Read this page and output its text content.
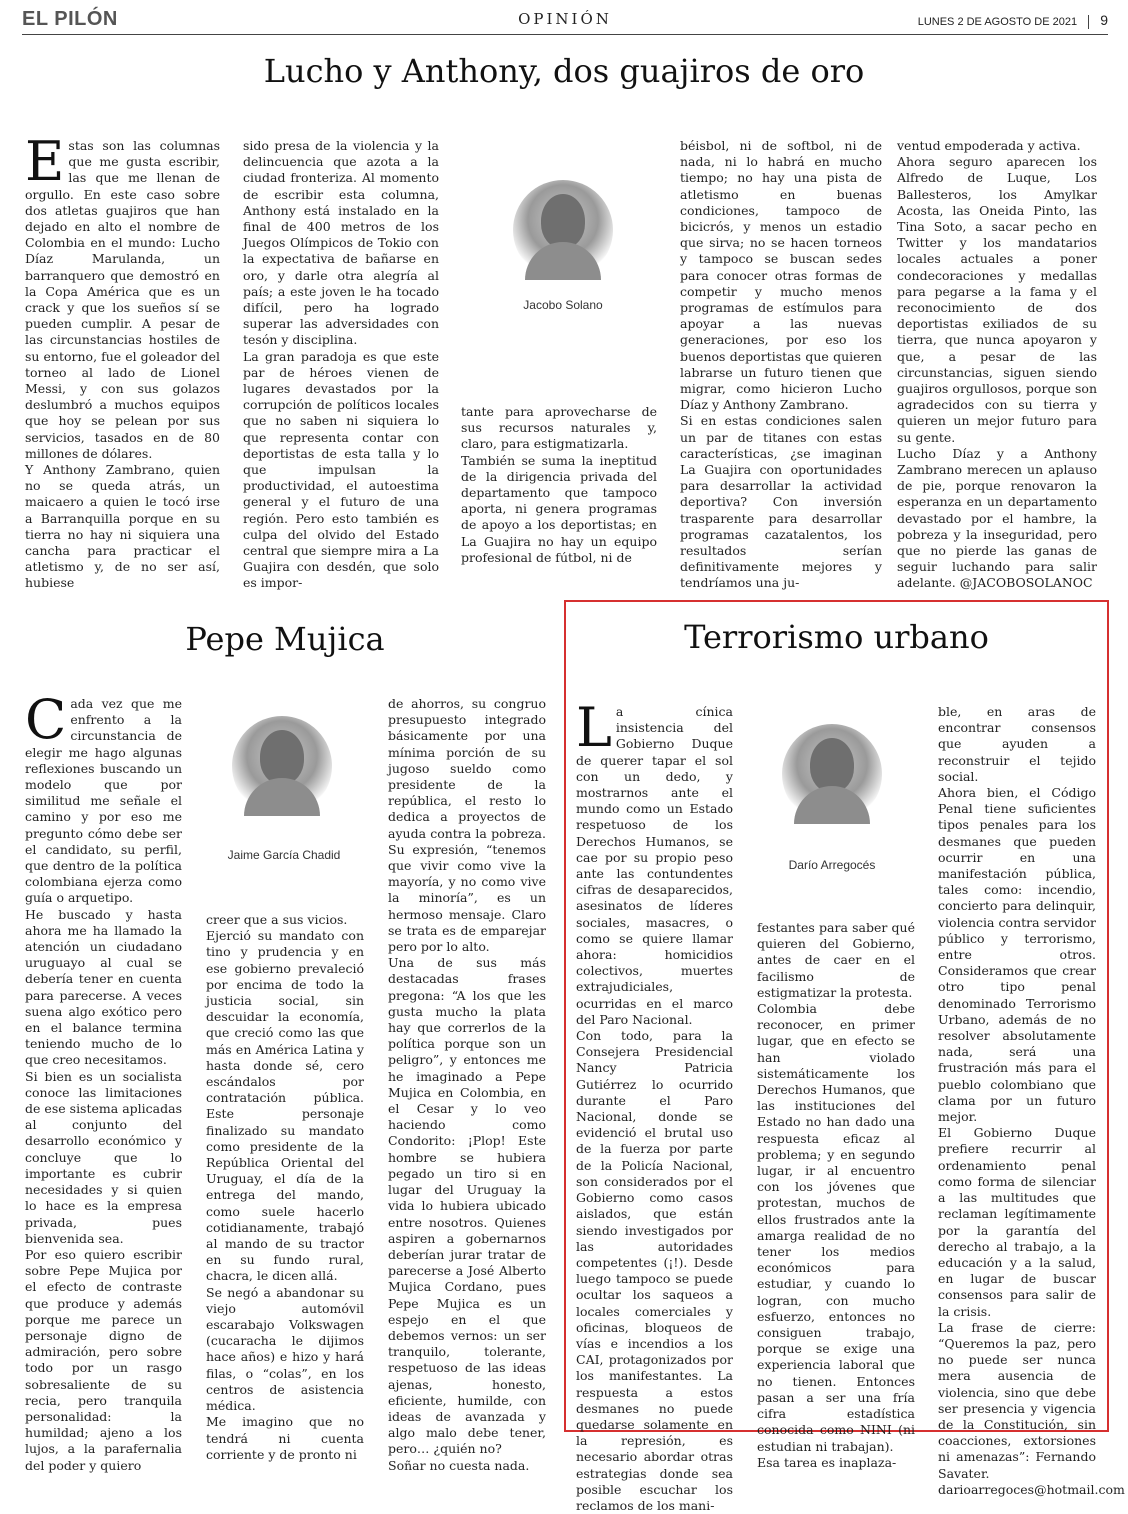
EL PILÓN	OPINIÓN	LUNES 2 DE AGOSTO DE 2021 9
Lucho y Anthony, dos guajiros de oro
Estas son las columnas que me gusta escribir, las que me llenan de orgullo. En este caso sobre dos atletas guajiros que han dejado en alto el nombre de Colombia en el mundo: Lucho Díaz Marulanda, un barranquero que demostró en la Copa América que es un crack y que los sueños sí se pueden cumplir. A pesar de las circunstancias hostiles de su entorno, fue el goleador del torneo al lado de Lionel Messi, y con sus golazos deslumbró a muchos equipos que hoy se pelean por sus servicios, tasados en de 80 millones de dólares.
Y Anthony Zambrano, quien no se queda atrás, un maicaero a quien le tocó irse a Barranquilla porque en su tierra no hay ni siquiera una cancha para practicar el atletismo y, de no ser así, hubiese
sido presa de la violencia y la delincuencia que azota a la ciudad fronteriza. Al momento de escribir esta columna, Anthony está instalado en la final de 400 metros de los Juegos Olímpicos de Tokio con la expectativa de bañarse en oro, y darle otra alegría al país; a este joven le ha tocado difícil, pero ha logrado superar las adversidades con tesón y disciplina.
La gran paradoja es que este par de héroes vienen de lugares devastados por la corrupción de políticos locales que no saben ni siquiera lo que representa contar con deportistas de esta talla y lo que impulsan la productividad, el autoestima general y el futuro de una región. Pero esto también es culpa del olvido del Estado central que siempre mira a La Guajira con desdén, que solo es impor-
Jacobo Solano
tante para aprovecharse de sus recursos naturales y, claro, para estigmatizarla.
También se suma la ineptitud de la dirigencia privada del departamento que tampoco aporta, ni genera programas de apoyo a los deportistas; en La Guajira no hay un equipo profesional de fútbol, ni de
béisbol, ni de softbol, ni de nada, ni lo habrá en mucho tiempo; no hay una pista de atletismo en buenas condiciones, tampoco de bicicrós, y menos un estadio que sirva; no se hacen torneos y tampoco se buscan sedes para conocer otras formas de competir y mucho menos programas de estímulos para apoyar a las nuevas generaciones, por eso los buenos deportistas que quieren labrarse un futuro tienen que migrar, como hicieron Lucho Díaz y Anthony Zambrano.
Si en estas condiciones salen un par de titanes con estas características, ¿se imaginan La Guajira con oportunidades para desarrollar la actividad deportiva? Con inversión trasparente para desarrollar programas cazatalentos, los resultados serían definitivamente mejores y tendríamos una ju-
ventud empoderada y activa.
Ahora seguro aparecen los Alfredo de Luque, Los Ballesteros, los Amylkar Acosta, las Oneida Pinto, las Tina Soto, a sacar pecho en Twitter y los mandatarios locales actuales a poner condecoraciones y medallas para pegarse a la fama y el reconocimiento de dos deportistas exiliados de su tierra, que nunca apoyaron y que, a pesar de las circunstancias, siguen siendo guajiros orgullosos, porque son agradecidos con su tierra y quieren un mejor futuro para su gente.
Lucho Díaz y a Anthony Zambrano merecen un aplauso de pie, porque renovaron la esperanza en un departamento devastado por el hambre, la pobreza y la inseguridad, pero que no pierde las ganas de seguir luchando para salir adelante. @JACOBOSOLANOC
Pepe Mujica
Cada vez que me enfrento a la circunstancia de elegir me hago algunas reflexiones buscando un modelo que por similitud me señale el camino y por eso me pregunto cómo debe ser el candidato, su perfil, que dentro de la política colombiana ejerza como guía o arquetipo.
He buscado y hasta ahora me ha llamado la atención un ciudadano uruguayo al cual se debería tener en cuenta para parecerse. A veces suena algo exótico pero en el balance termina teniendo mucho de lo que creo necesitamos.
Si bien es un socialista conoce las limitaciones de ese sistema aplicadas al conjunto del desarrollo económico y concluye que lo importante es cubrir necesidades y si quien lo hace es la empresa privada, pues bienvenida sea.
Por eso quiero escribir sobre Pepe Mujica por el efecto de contraste que produce y además porque me parece un personaje digno de admiración, pero sobre todo por un rasgo sobresaliente de su recia, pero tranquila personalidad: la humildad; ajeno a los lujos, a la parafernalia del poder y quiero
Jaime García Chadid
creer que a sus vicios.
Ejerció su mandato con tino y prudencia y en ese gobierno prevaleció por encima de todo la justicia social, sin descuidar la economía, que creció como las que más en América Latina y hasta donde sé, cero escándalos por contratación pública. Este personaje finalizado su mandato como presidente de la República Oriental del Uruguay, el día de la entrega del mando, como suele hacerlo cotidianamente, trabajó al mando de su tractor en su fundo rural, chacra, le dicen allá.
Se negó a abandonar su viejo automóvil escarabajo Volkswagen (cucaracha le dijimos hace años) e hizo y hará filas, o “colas”, en los centros de asistencia médica.
Me imagino que no tendrá ni cuenta corriente y de pronto ni
de ahorros, su congruo presupuesto integrado básicamente por una mínima porción de su jugoso sueldo como presidente de la república, el resto lo dedica a proyectos de ayuda contra la pobreza. Su expresión, “tenemos que vivir como vive la mayoría, y no como vive la minoría”, es un hermoso mensaje. Claro se trata es de emparejar pero por lo alto.
Una de sus más destacadas frases pregona: “A los que les gusta mucho la plata hay que correrlos de la política porque son un peligro”, y entonces me he imaginado a Pepe Mujica en Colombia, en el Cesar y lo veo haciendo como Condorito: ¡Plop! Este hombre se hubiera pegado un tiro si en lugar del Uruguay la vida lo hubiera ubicado entre nosotros. Quienes aspiren a gobernarnos deberían jurar tratar de parecerse a José Alberto Mujica Cordano, pues Pepe Mujica es un espejo en el que debemos vernos: un ser tranquilo, tolerante, respetuoso de las ideas ajenas, honesto, eficiente, humilde, con ideas de avanzada y algo malo debe tener, pero… ¿quién no?
Soñar no cuesta nada.
Terrorismo urbano
La cínica insistencia del Gobierno Duque de querer tapar el sol con un dedo, y mostrarnos ante el mundo como un Estado respetuoso de los Derechos Humanos, se cae por su propio peso ante las contundentes cifras de desaparecidos, asesinatos de líderes sociales, masacres, o como se quiere llamar ahora: homicidios colectivos, muertes extrajudiciales, ocurridas en el marco del Paro Nacional.
Con todo, para la Consejera Presidencial Nancy Patricia Gutiérrez lo ocurrido durante el Paro Nacional, donde se evidenció el brutal uso de la fuerza por parte de la Policía Nacional, son considerados por el Gobierno como casos aislados, que están siendo investigados por las autoridades competentes (¡!). Desde luego tampoco se puede ocultar los saqueos a locales comerciales y oficinas, bloqueos de vías e incendios a los CAI, protagonizados por los manifestantes. La respuesta a estos desmanes no puede quedarse solamente en la represión, es necesario abordar otras estrategias donde sea posible escuchar los reclamos de los mani-
Darío Arregocés
festantes para saber qué quieren del Gobierno, antes de caer en el facilismo de estigmatizar la protesta.
Colombia debe reconocer, en primer lugar, que en efecto se han violado sistemáticamente los Derechos Humanos, que las instituciones del Estado no han dado una respuesta eficaz al problema; y en segundo lugar, ir al encuentro con los jóvenes que protestan, muchos de ellos frustrados ante la amarga realidad de no tener los medios económicos para estudiar, y cuando lo logran, con mucho esfuerzo, entonces no consiguen trabajo, porque se exige una experiencia laboral que no tienen. Entonces pasan a ser una fría cifra estadística conocida como NINI (ni estudian ni trabajan).
Esa tarea es inaplaza-
ble, en aras de encontrar consensos que ayuden a reconstruir el tejido social.
Ahora bien, el Código Penal tiene suficientes tipos penales para los desmanes que pueden ocurrir en una manifestación pública, tales como: incendio, concierto para delinquir, violencia contra servidor público y terrorismo, entre otros. Consideramos que crear otro tipo penal denominado Terrorismo Urbano, además de no resolver absolutamente nada, será una frustración más para el pueblo colombiano que clama por un futuro mejor.
El Gobierno Duque prefiere recurrir al ordenamiento penal como forma de silenciar a las multitudes que reclaman legítimamente por la garantía del derecho al trabajo, a la educación y a la salud, en lugar de buscar consensos para salir de la crisis.
La frase de cierre: “Queremos la paz, pero no puede ser nunca mera ausencia de violencia, sino que debe ser presencia y vigencia de la Constitución, sin coacciones, extorsiones ni amenazas”: Fernando Savater. darioarregoces@hotmail.com
